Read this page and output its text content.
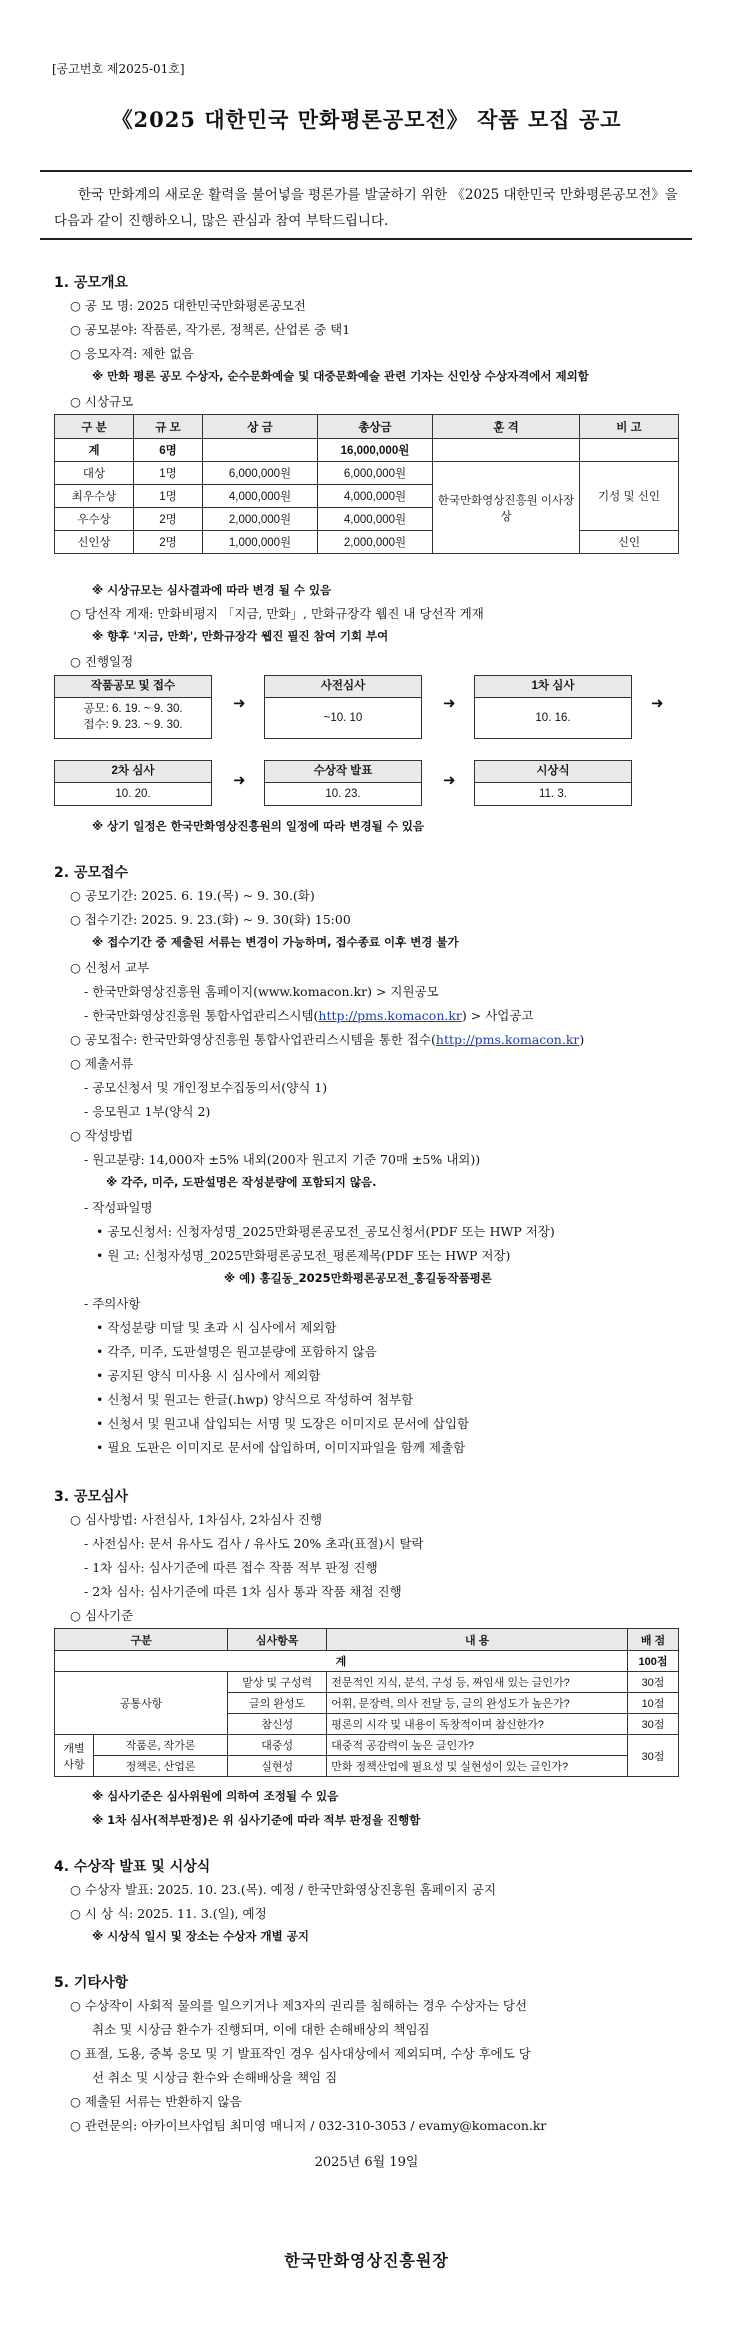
[공고번호 제2025-01호]
《2025 대한민국 만화평론공모전》 작품 모집 공고

한국 만화계의 새로운 활력을 불어넣을 평론가를 발굴하기 위한 《2025 대한민국 만화평론공모전》을 다음과 같이 진행하오니, 많은 관심과 참여 부탁드립니다.

1. 공모개요
○ 공 모 명: 2025 대한민국만화평론공모전
○ 공모분야: 작품론, 작가론, 정책론, 산업론 중 택1
○ 응모자격: 제한 없음
※ 만화 평론 공모 수상자, 순수문화예술 및 대중문화예술 관련 기자는 신인상 수상자격에서 제외함
○ 시상규모
구 분	규 모	상 금	총상금	훈 격	비 고
계	6명		16,000,000원		
대상	1명	6,000,000원	6,000,000원	한국만화영상진흥원 이사장상	기성 및 신인
최우수상	1명	4,000,000원	4,000,000원		
우수상	2명	2,000,000원	4,000,000원		
신인상	2명	1,000,000원	2,000,000원		신인
※ 시상규모는 심사결과에 따라 변경 될 수 있음
○ 당선작 게재: 만화비평지 「지금, 만화」, 만화규장각 웹진 내 당선작 게재
※ 향후 '지금, 만화', 만화규장각 웹진 필진 참여 기회 부여
○ 진행일정
작품공모 및 접수
공모: 6. 19. ~ 9. 30.
접수: 9. 23. ~ 9. 30.
➜
사전심사
~10. 10
➜
1차 심사
10. 16.
➜
2차 심사
10. 20.
➜	수상작 발표
10. 23.
➜	시상식
11. 3.
※ 상기 일정은 한국만화영상진흥원의 일정에 따라 변경될 수 있음
2. 공모접수
○ 공모기간: 2025. 6. 19.(목) ~ 9. 30.(화)
○ 접수기간: 2025. 9. 23.(화) ~ 9. 30(화) 15:00
※ 접수기간 중 제출된 서류는 변경이 가능하며, 접수종료 이후 변경 불가
○ 신청서 교부
- 한국만화영상진흥원 홈페이지(www.komacon.kr) > 지원공모
- 한국만화영상진흥원 통합사업관리스시템(http://pms.komacon.kr) > 사업공고
○ 공모접수: 한국만화영상진흥원 통합사업관리스시템을 통한 접수(http://pms.komacon.kr)
○ 제출서류
- 공모신청서 및 개인정보수집동의서(양식 1)
- 응모원고 1부(양식 2)
○ 작성방법
- 원고분량: 14,000자 ±5% 내외(200자 원고지 기준 70매 ±5% 내외))
※ 각주, 미주, 도판설명은 작성분량에 포함되지 않음.
- 작성파일명
• 공모신청서: 신청자성명_2025만화평론공모전_공모신청서(PDF 또는 HWP 저장)
• 원 고: 신청자성명_2025만화평론공모전_평론제목(PDF 또는 HWP 저장)
※ 예) 홍길동_2025만화평론공모전_홍길동작품평론
- 주의사항
• 작성분량 미달 및 초과 시 심사에서 제외함
• 각주, 미주, 도판설명은 원고분량에 포함하지 않음
• 공지된 양식 미사용 시 심사에서 제외함
• 신청서 및 원고는 한글(.hwp) 양식으로 작성하여 첨부함
• 신청서 및 원고내 삽입되는 서명 및 도장은 이미지로 문서에 삽입함
• 필요 도판은 이미지로 문서에 삽입하며, 이미지파일을 함께 제출함
3. 공모심사
○ 심사방법: 사전심사, 1차심사, 2차심사 진행
- 사전심사: 문서 유사도 검사 / 유사도 20% 초과(표절)시 탈락
- 1차 심사: 심사기준에 따른 접수 작품 적부 판정 진행
- 2차 심사: 심사기준에 따른 1차 심사 통과 작품 채점 진행
○ 심사기준
구분		심사항목	내 용	배 점
계				100점
공통사항		맡상 및 구성력	전문적인 지식, 분석, 구성 등, 짜임새 있는 글인가?	30점
		글의 완성도	어휘, 문장력, 의사 전달 등, 글의 완성도가 높은가?	10점
		참신성	평론의 시각 및 내용이 독창적이며 참신한가?	30점
개별 사항	작품론, 작가론	대중성	대중적 공감력이 높은 글인가?	30점
	정책론, 산업론	실현성	만화 정책산업에 필요성 및 실현성이 있는 글인가?	
※ 심사기준은 심사위원에 의하여 조정될 수 있음
※ 1차 심사(적부판정)은 위 심사기준에 따라 적부 판정을 진행함
4. 수상작 발표 및 시상식
○ 수상자 발표: 2025. 10. 23.(목). 예정 / 한국만화영상진흥원 홈페이지 공지
○ 시 상 식: 2025. 11. 3.(일), 예정
※ 시상식 일시 및 장소는 수상자 개별 공지
5. 기타사항
○ 수상작이 사회적 물의를 일으키거나 제3자의 권리를 침해하는 경우 수상자는 당선
취소 및 시상금 환수가 진행되며, 이에 대한 손해배상의 책임짐
○ 표절, 도용, 중복 응모 및 기 발표작인 경우 심사대상에서 제외되며, 수상 후에도 당
선 취소 및 시상금 환수와 손해배상을 책임 짐
○ 제출된 서류는 반환하지 않음
○ 관련문의: 아카이브사업팀 최미영 매니저 / 032-310-3053 / evamy@komacon.kr
2025년 6월 19일
한국만화영상진흥원장
